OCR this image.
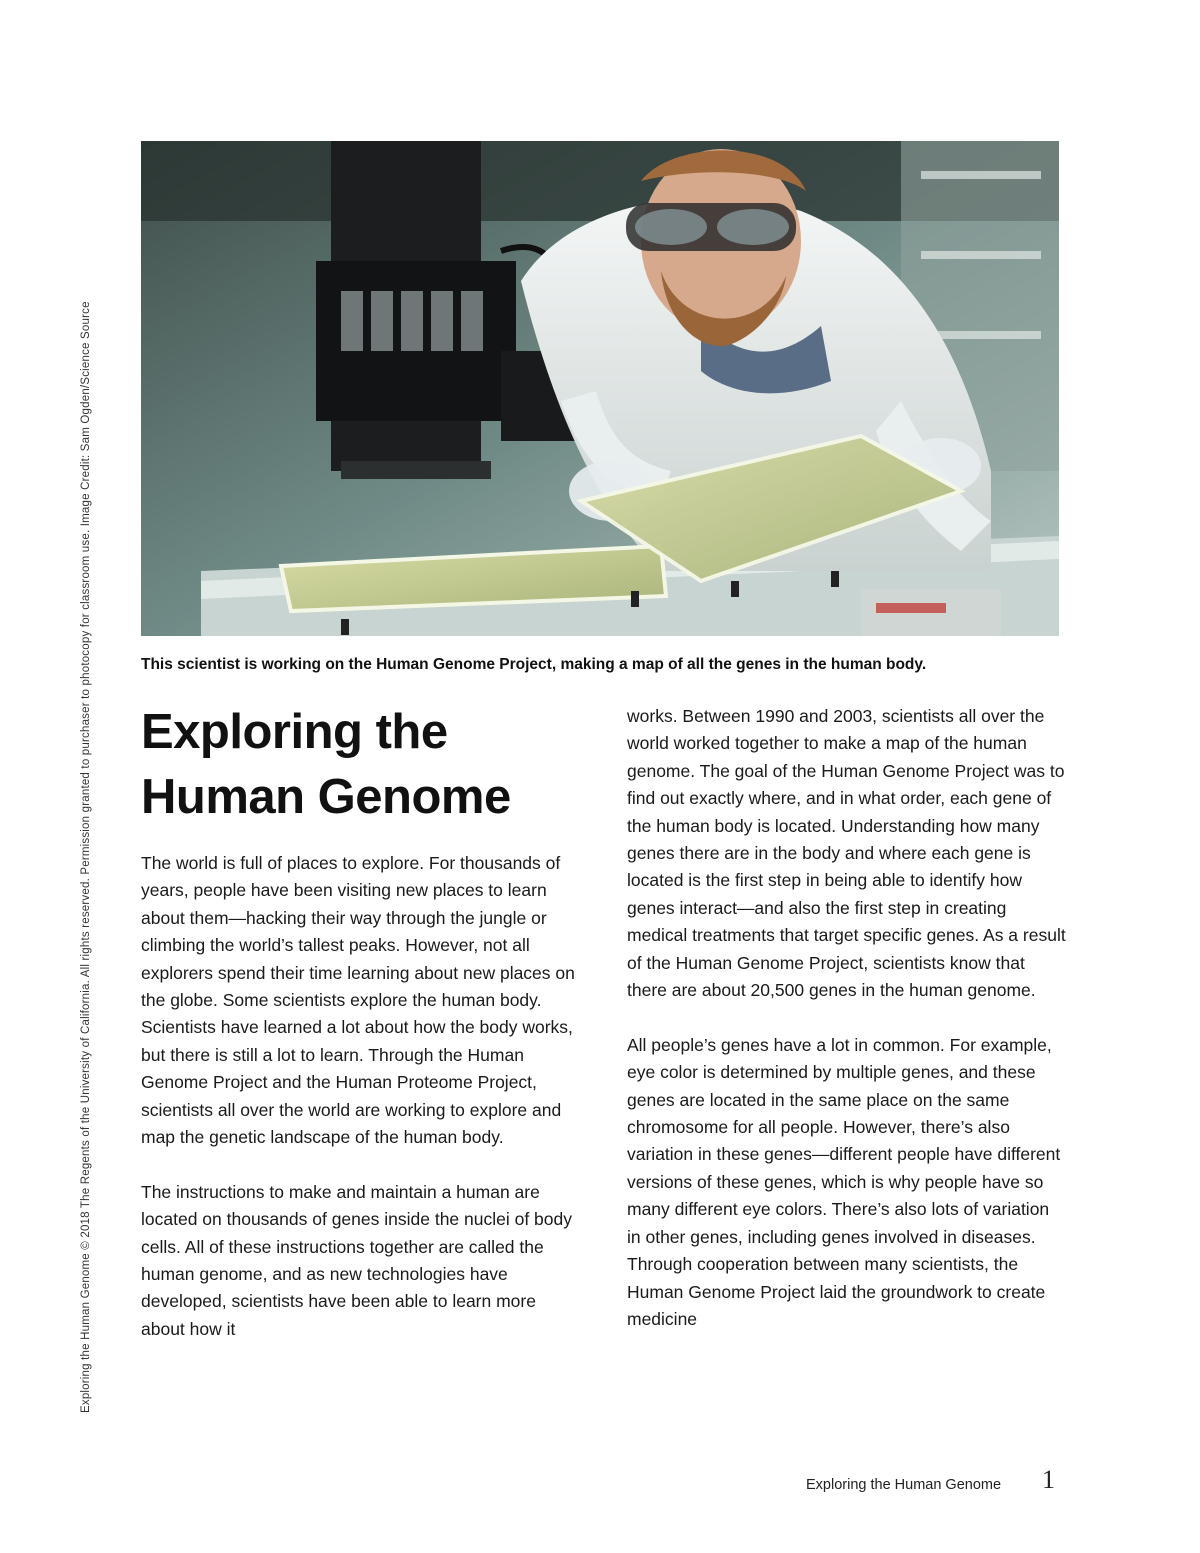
Exploring the Human Genome © 2018 The Regents of the University of California. All rights reserved. Permission granted to purchaser to photocopy for classroom use. Image Credit: Sam Ogden/Science Source	This scientist is working on the Human Genome Project, making a map of all the genes in the human body.
Exploring the
Human Genome

The world is full of places to explore. For thousands of years, people have been visiting new places to learn about them—hacking their way through the jungle or climbing the world’s tallest peaks. However, not all explorers spend their time learning about new places on the globe. Some scientists explore the human body. Scientists have learned a lot about how the body works, but there is still a lot to learn. Through the Human Genome Project and the Human Proteome Project, scientists all over the world are working to explore and map the genetic landscape of the human body.

The instructions to make and maintain a human are located on thousands of genes inside the nuclei of body cells. All of these instructions together are called the human genome, and as new technologies have developed, scientists have been able to learn more about how it

works. Between 1990 and 2003, scientists all over the world worked together to make a map of the human genome. The goal of the Human Genome Project was to find out exactly where, and in what order, each gene of the human body is located. Understanding how many genes there are in the body and where each gene is located is the first step in being able to identify how genes interact—and also the first step in creating medical treatments that target specific genes. As a result of the Human Genome Project, scientists know that there are about 20,500 genes in the human genome.

All people’s genes have a lot in common. For example, eye color is determined by multiple genes, and these genes are located in the same place on the same chromosome for all people. However, there’s also variation in these genes—different people have different versions of these genes, which is why people have so many different eye colors. There’s also lots of variation in other genes, including genes involved in diseases. Through cooperation between many scientists, the Human Genome Project laid the groundwork to create medicine

Exploring the Human Genome 1
